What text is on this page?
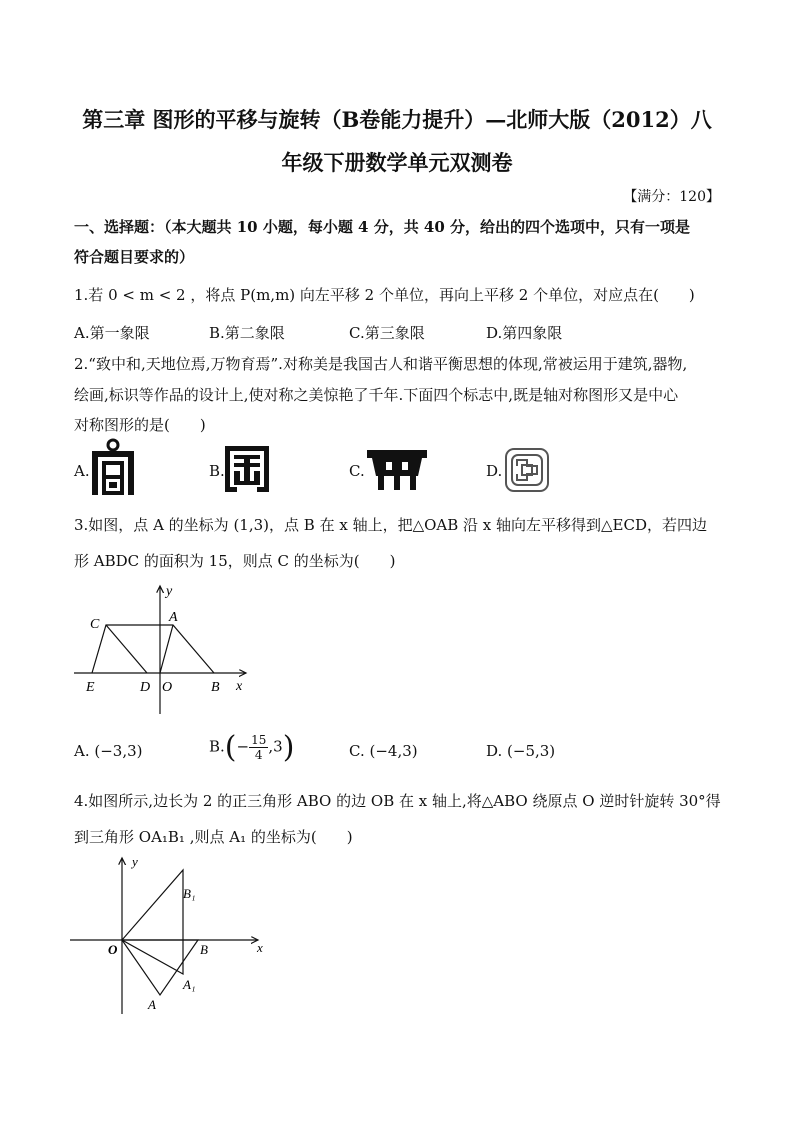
第三章 图形的平移与旋转（B卷能力提升）—北师大版（2012）八
年级下册数学单元双测卷
【满分：120】
一、选择题：（本大题共 10 小题，每小题 4 分，共 40 分，给出的四个选项中，只有一项是
符合题目要求的）
1.若 0 < m < 2 ，将点 P(m,m) 向左平移 2 个单位，再向上平移 2 个单位，对应点在(　　)
A.第一象限	B.第二象限	C.第三象限	D.第四象限
2.“致中和,天地位焉,万物育焉”.对称美是我国古人和谐平衡思想的体现,常被运用于建筑,器物,
绘画,标识等作品的设计上,使对称之美惊艳了千年.下面四个标志中,既是轴对称图形又是中心
对称图形的是(　　)
A.	B.	C.	D.
3.如图，点 A 的坐标为 (1,3)，点 B 在 x 轴上，把△OAB 沿 x 轴向左平移得到△ECD，若四边
形 ABDC 的面积为 15，则点 C 的坐标为(　　)
y
x
C	A
E	D O	B
A. (−3,3)	$B.(- \frac{15}{4} ,3)$	C. (−4,3)	D. (−5,3)
4.如图所示,边长为 2 的正三角形 ABO 的边 OB 在 x 轴上,将△ABO 绕原点 O 逆时针旋转 30°得
到三角形 OA₁B₁ ,则点 A₁ 的坐标为(　　)
y
x
O	B
B₁
A₁
A
